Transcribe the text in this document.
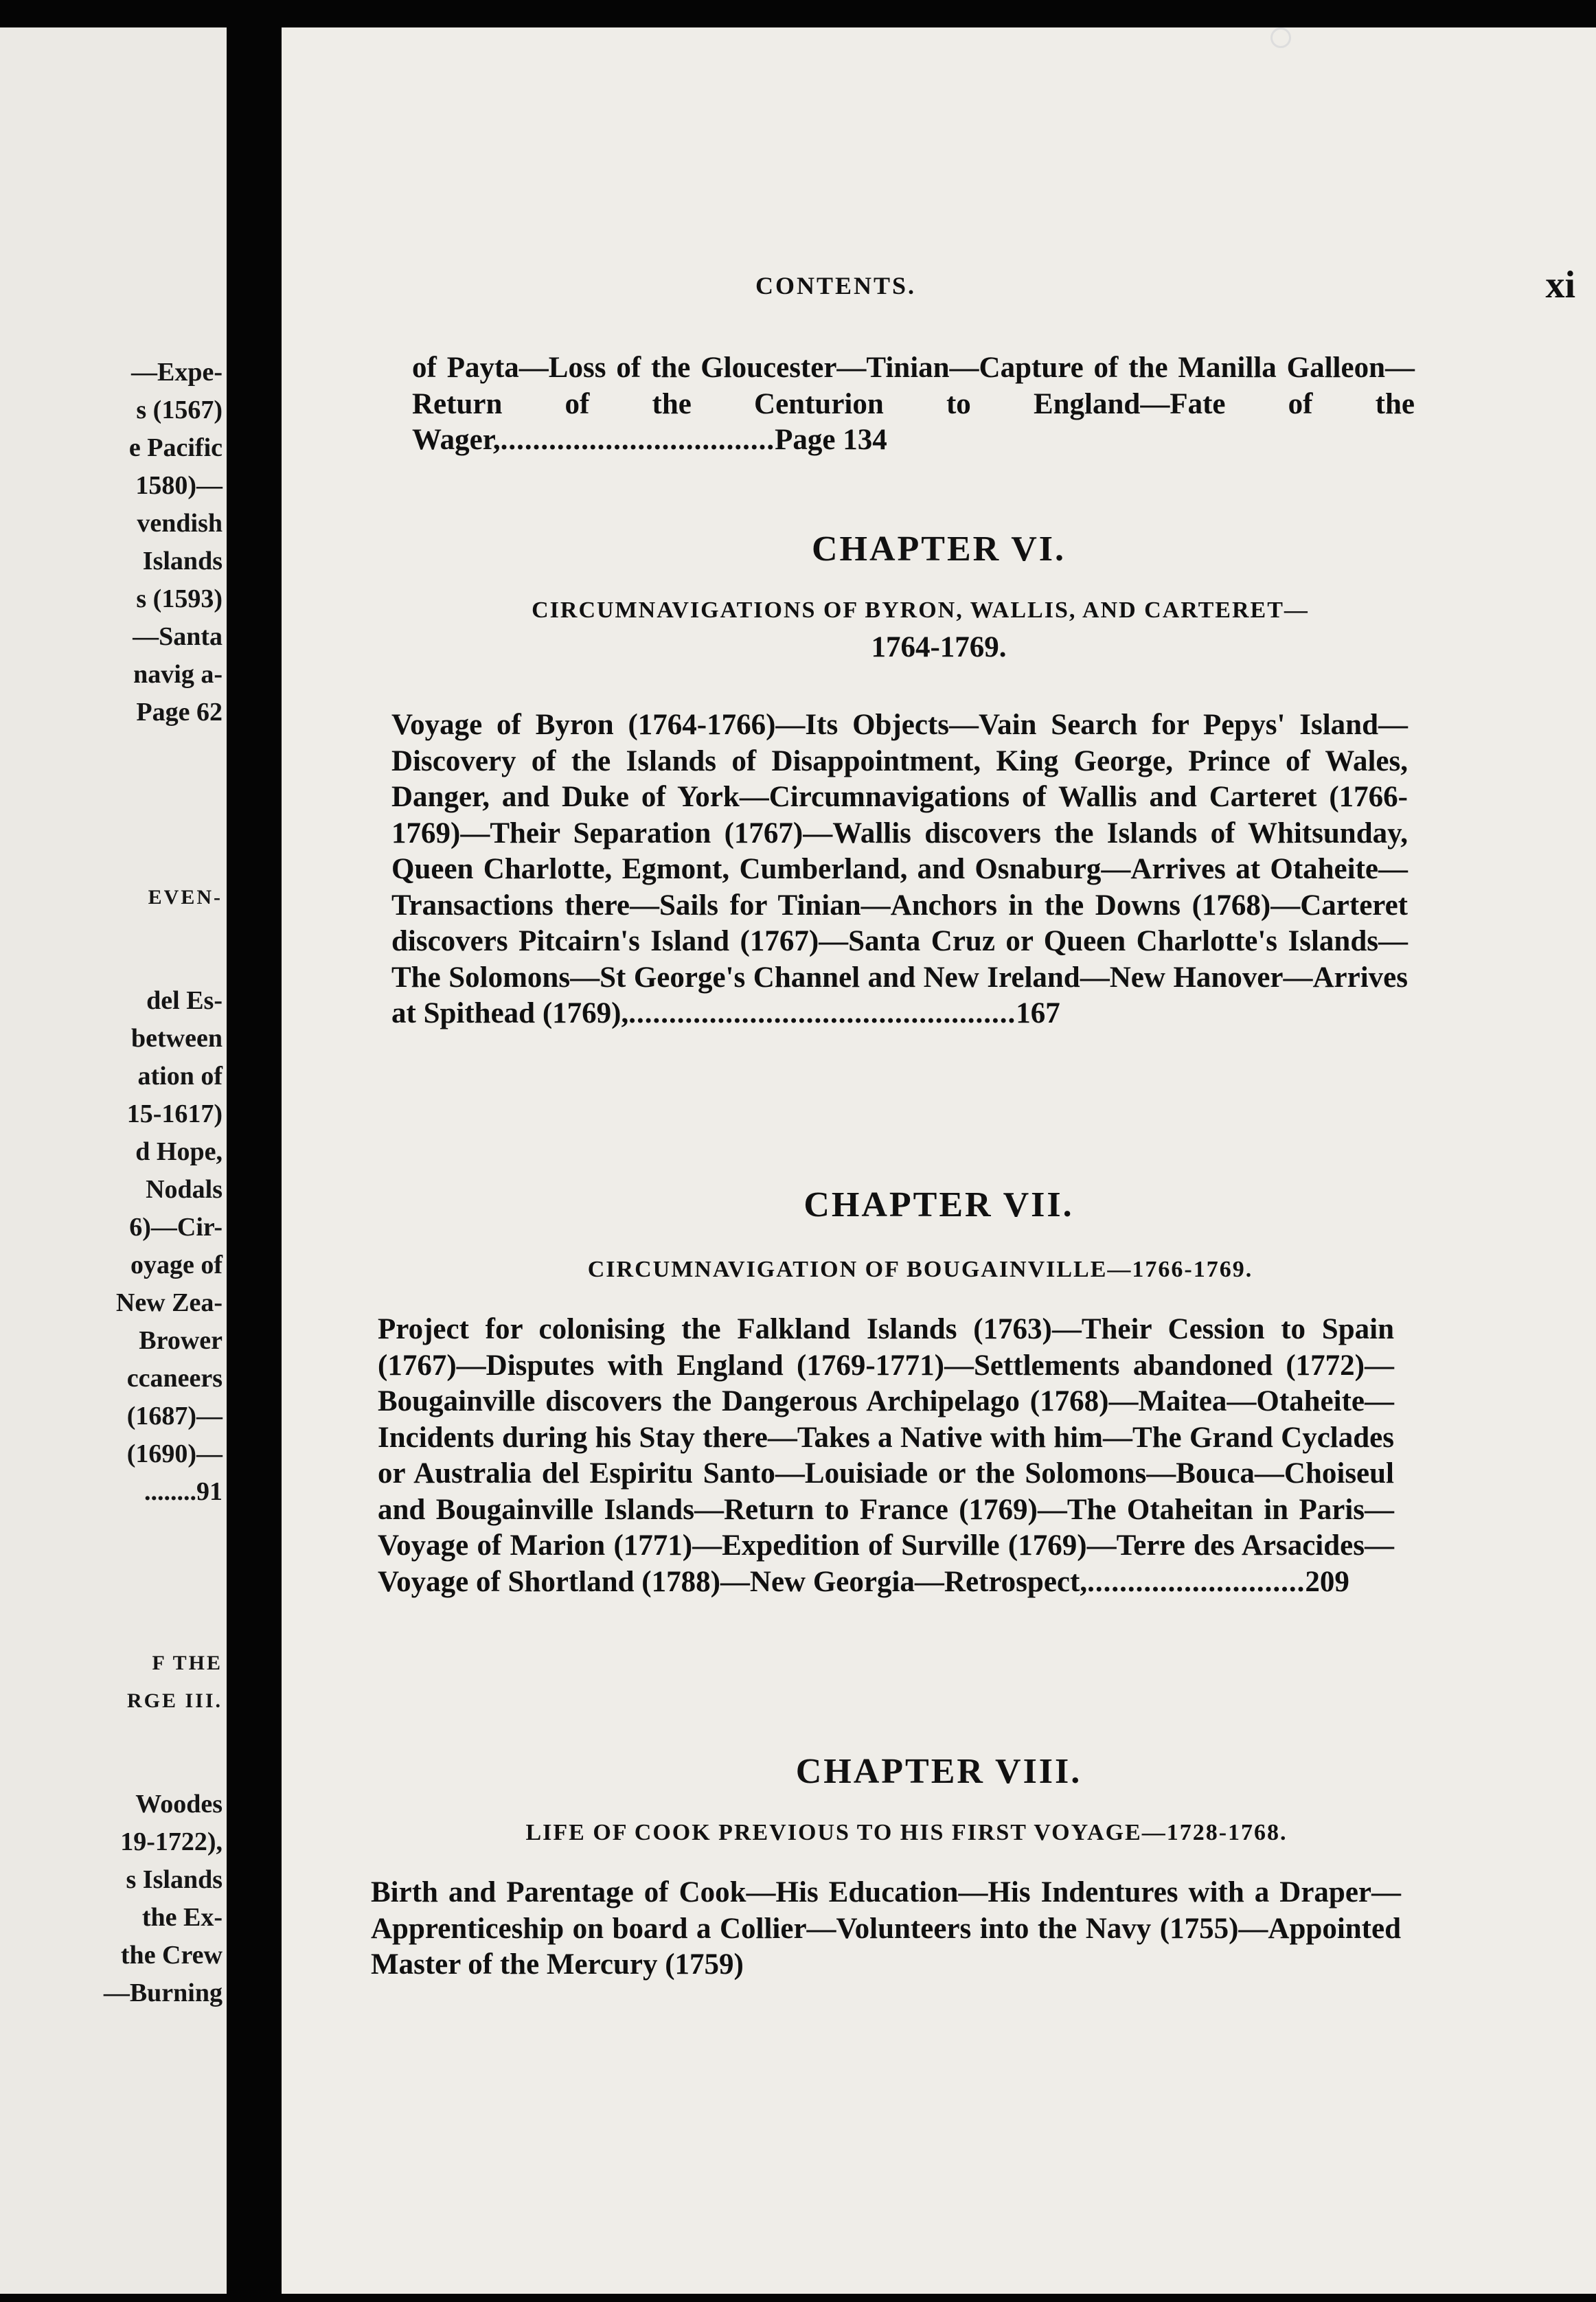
—Expe-
s (1567)
e Pacific
1580)—
vendish
Islands
s (1593)
—Santa
navig a-
Page 62
EVEN-
del Es-
between
ation of
15-1617)
d Hope,
Nodals
6)—Cir-
oyage of
New Zea-
Brower
ccaneers
(1687)—
(1690)—
........91
F THE
RGE III.
Woodes
19-1722),
s Islands
the Ex-
the Crew
—Burning
CONTENTS.	xi
of Payta—Loss of the Gloucester—Tinian—Capture of the Manilla Galleon—Return of the Centurion to England—Fate of the Wager,..................................Page 134
CHAPTER VI.
CIRCUMNAVIGATIONS OF BYRON, WALLIS, AND CARTERET—
1764-1769.
Voyage of Byron (1764-1766)—Its Objects—Vain Search for Pepys' Island—Discovery of the Islands of Disappointment, King George, Prince of Wales, Danger, and Duke of York—Circumnavigations of Wallis and Carteret (1766-1769)—Their Separation (1767)—Wallis discovers the Islands of Whitsunday, Queen Charlotte, Egmont, Cumberland, and Osnaburg—Arrives at Otaheite—Transactions there—Sails for Tinian—Anchors in the Downs (1768)—Carteret discovers Pitcairn's Island (1767)—Santa Cruz or Queen Charlotte's Islands—The Solomons—St George's Channel and New Ireland—New Hanover—Arrives at Spithead (1769),................................................167
CHAPTER VII.
CIRCUMNAVIGATION OF BOUGAINVILLE—1766-1769.
Project for colonising the Falkland Islands (1763)—Their Cession to Spain (1767)—Disputes with England (1769-1771)—Settlements abandoned (1772)—Bougainville discovers the Dangerous Archipelago (1768)—Maitea—Otaheite—Incidents during his Stay there—Takes a Native with him—The Grand Cyclades or Australia del Espiritu Santo—Louisiade or the Solomons—Bouca—Choiseul and Bougainville Islands—Return to France (1769)—The Otaheitan in Paris—Voyage of Marion (1771)—Expedition of Surville (1769)—Terre des Arsacides—Voyage of Shortland (1788)—New Georgia—Retrospect,...........................209
CHAPTER VIII.
LIFE OF COOK PREVIOUS TO HIS FIRST VOYAGE—1728-1768.
Birth and Parentage of Cook—His Education—His Indentures with a Draper—Apprenticeship on board a Collier—Volunteers into the Navy (1755)—Appointed Master of the Mercury (1759)
